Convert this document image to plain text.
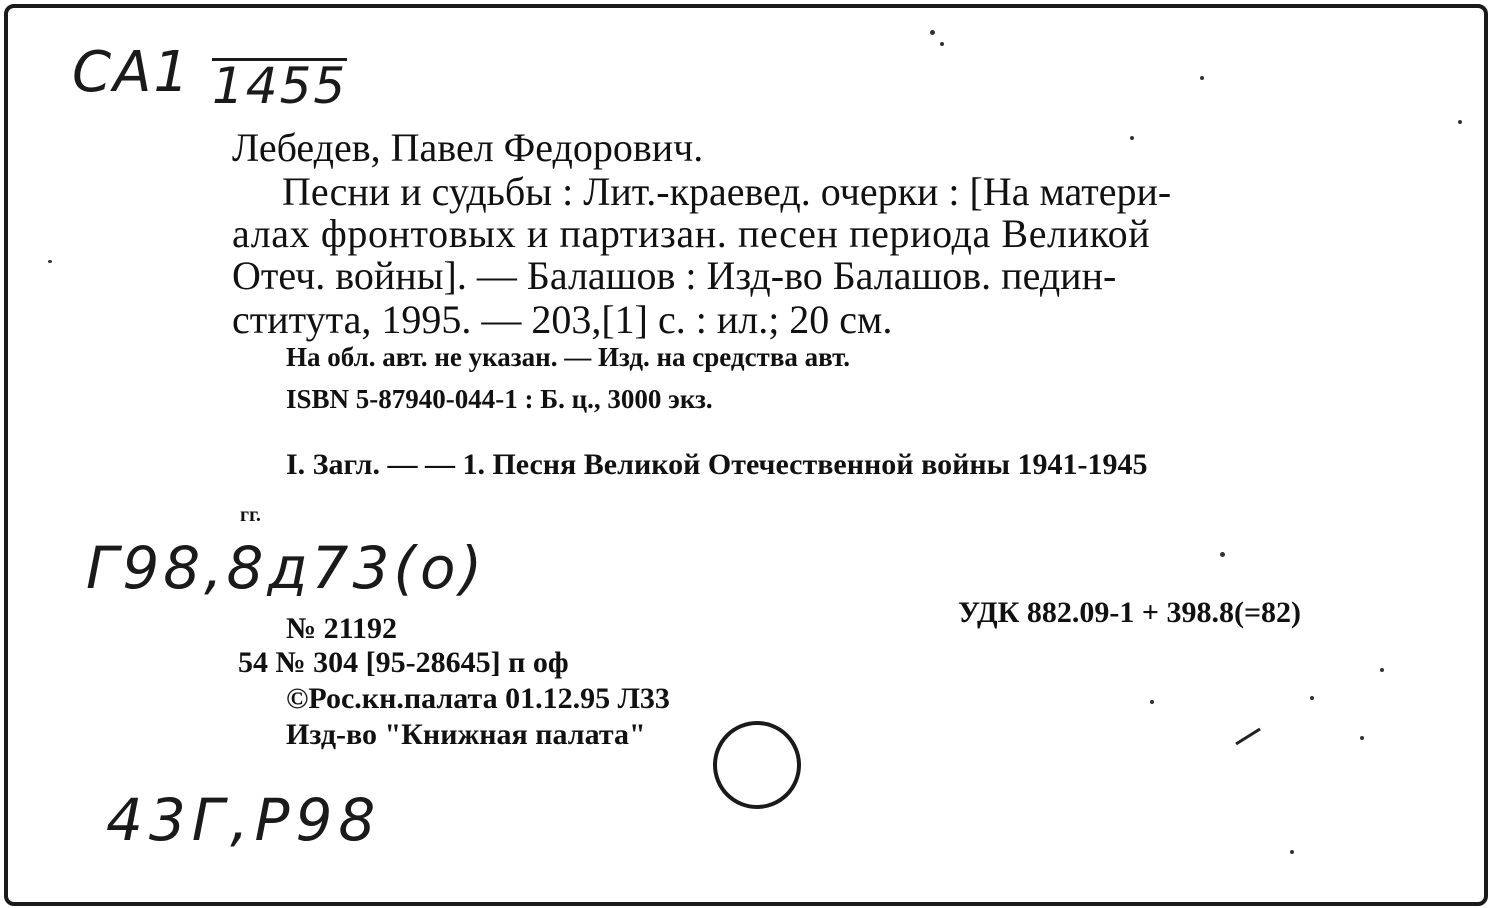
СА1 1455
Лебедев, Павел Федорович.
Песни и судьбы : Лит.-краевед. очерки : [На матери-
алах фронтовых и партизан. песен периода Великой
Отеч. войны]. — Балашов : Изд-во Балашов. педин-
ститута, 1995. — 203,[1] с. : ил.; 20 см.
На обл. авт. не указан. — Изд. на средства авт.
ISBN 5-87940-044-1 : Б. ц., 3000 экз.
I. Загл. — — 1. Песня Великой Отечественной войны 1941-1945
гг.
Г98,8д73(о)
УДК 882.09-1 + 398.8(=82)
№ 21192
54 № 304 [95-28645] п оф
©Рос.кн.палата 01.12.95 Л33
Изд-во "Книжная палата"
43Г,Р98
